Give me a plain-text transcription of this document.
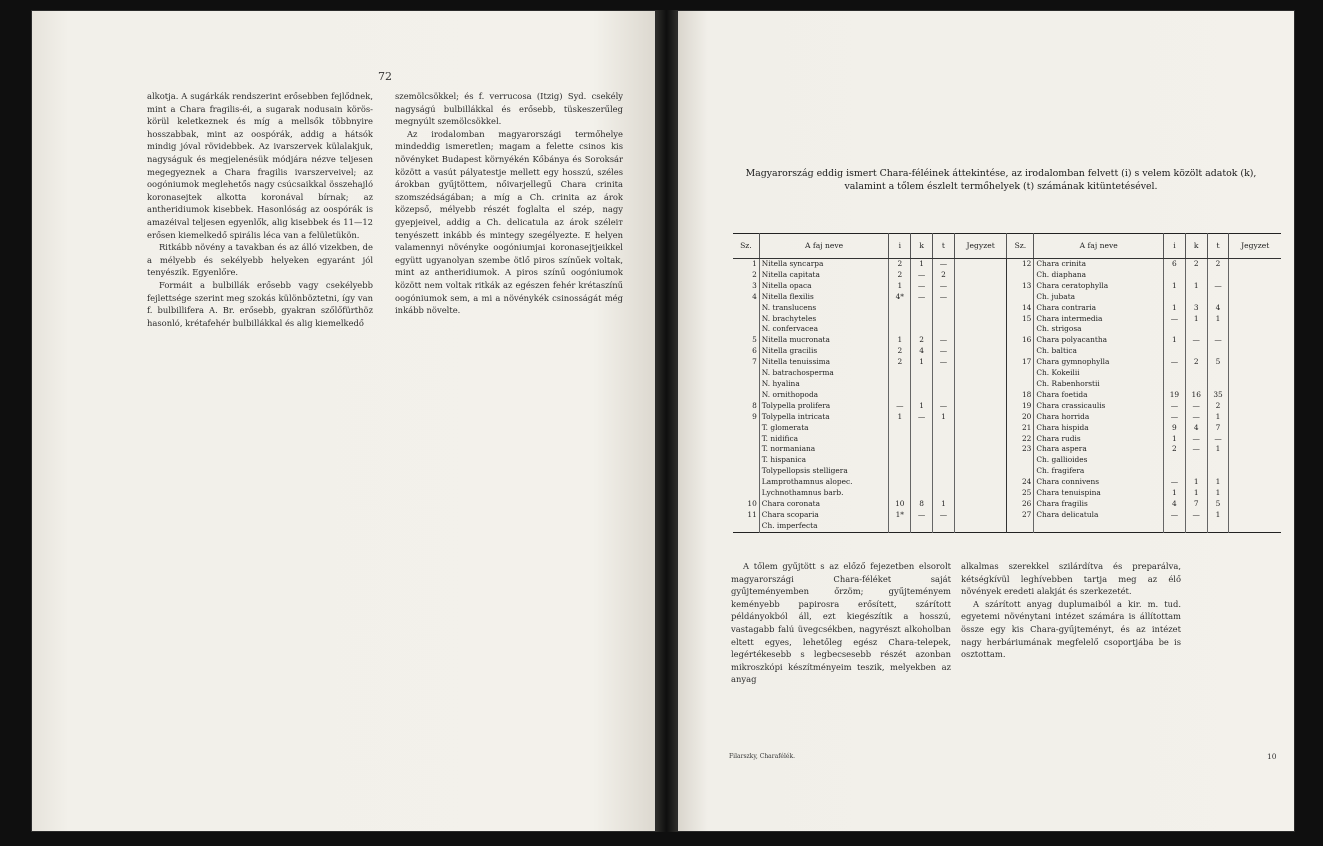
72

alkotja. A sugárkák rendszerint erősebben fejlődnek, mint a Chara fragilis-éi, a sugarak nodusain körös-körül keletkeznek és míg a mellsők többnyire hosszabbak, mint az oospórák, addig a hátsók mindig jóval rövidebbek. Az ivarszervek külalakjuk, nagyságuk és megjelenésük módjára nézve teljesen megegyeznek a Chara fragilis ivarszerveivel; az oogóniumok meglehetős nagy csúcsaikkal összehajló koronasejtek alkotta koronával bírnak; az antheridiumok kisebbek. Hasonlóság az oospórák is amazéival teljesen egyenlők, alig kisebbek és 11—12 erősen kiemelkedő spirális léca van a felületükön.

Ritkább növény a tavakban és az álló vizekben, de a mélyebb és sekélyebb helyeken egyaránt jól tenyészik. Egyenlőre.

Formáit a bulbillák erősebb vagy csekélyebb fejlettsége szerint meg szokás különböztetni, így van f. bulbillifera A. Br. erősebb, gyakran szőlőfürthöz hasonló, krétafehér bulbillákkal és alig kiemelkedő

szemölcsökkel; és f. verrucosa (Itzig) Syd. csekély nagyságú bulbillákkal és erősebb, tüskeszerűleg megnyúlt szemölcsökkel.

Az irodalomban magyarországi termőhelye mindeddig ismeretlen; magam a felette csinos kis növényket Budapest környékén Kőbánya és Soroksár között a vasút pályatestje mellett egy hosszú, széles árokban gyűjtöttem, nőivarjellegű Chara crinita szomszédságában; a míg a Ch. crinita az árok közepső, mélyebb részét foglalta el szép, nagy gyepjeivel, addig a Ch. delicatula az árok széleiт tenyészett inkább és mintegy szegélyezte. E helyen valamennyi növényke oogóniumjai koronasejtjeikkel együtt ugyanolyan szembe ötlő piros színűek voltak, mint az antheridiumok. A piros színű oogóniumok között nem voltak ritkák az egészen fehér krétaszínű oogóniumok sem, a mi a növénykék csinosságát még inkább növelte.

Magyarország eddig ismert Chara-féléinek áttekintése, az irodalomban felvett (i) s velem közölt adatok (k),
valamint a tőlem észlelt termőhelyek (t) számának kitüntetésével.
Sz.	A faj neve	i	k	t	Jegyzet	Sz.	A faj neve	i	k	t	Jegyzet
1	Nitella syncarpa	2	1	—		12	Chara crinita	6	2	2	
2	Nitella capitata	2	—	2			Ch. diaphana				
3	Nitella opaca	1	—	—		13	Chara ceratophylla	1	1	—	
4	Nitella flexilis	4*	—	—			Ch. jubata				
	N. translucens					14	Chara contraria	1	3	4	
	N. brachyteles					15	Chara intermedia	—	1	1	
	N. confervacea						Ch. strigosa				
5	Nitella mucronata	1	2	—		16	Chara polyacantha	1	—	—	
6	Nitella gracilis	2	4	—			Ch. baltica				
7	Nitella tenuissima	2	1	—		17	Chara gymnophylla	—	2	5	
	N. batrachosperma						Ch. Kokeilii				
	N. hyalina						Ch. Rabenhorstii				
	N. ornithopoda					18	Chara foetida	19	16	35	
8	Tolypella prolifera	—	1	—		19	Chara crassicaulis	—	—	2	
9	Tolypella intricata	1	—	1		20	Chara horrida	—	—	1	
	T. glomerata					21	Chara hispida	9	4	7	
	T. nidifica					22	Chara rudis	1	—	—	
	T. normaniana					23	Chara aspera	2	—	1	
	T. hispanica						Ch. gallioides				
	Tolypellopsis stelligera						Ch. fragifera				
	Lamprothamnus alopec.					24	Chara connivens	—	1	1	
	Lychnothamnus barb.					25	Chara tenuispina	1	1	1	
10	Chara coronata	10	8	1		26	Chara fragilis	4	7	5	
11	Chara scoparia	1*	—	—		27	Chara delicatula	—	—	1	
	Ch. imperfecta										

A tőlem gyűjtött s az előző fejezetben elsorolt magyarországi Chara-féléket saját gyűjteményemben őrzöm; gyűjteményem keményebb papirosra erősített, szárított példányokból áll, ezt kiegészítik a hosszú, vastagabb falú üvegcsékben, nagyrészt alkoholban eltett egyes, lehetőleg egész Chara-telepek, legértékesebb s legbecsesebb részét azonban mikroszkópi készítményeim teszik, melyekben az anyag

alkalmas szerekkel szilárdítva és preparálva, kétségkívül leghívebben tartja meg az élő növények eredeti alakját és szerkezetét.

A szárított anyag duplumaiból a kir. m. tud. egyetemi növénytani intézet számára is állítottam össze egy kis Chara-gyűjteményt, és az intézet nagy herbáriumának megfelelő csoportjába be is osztottam.

Filarszky, Charafélék.	10
